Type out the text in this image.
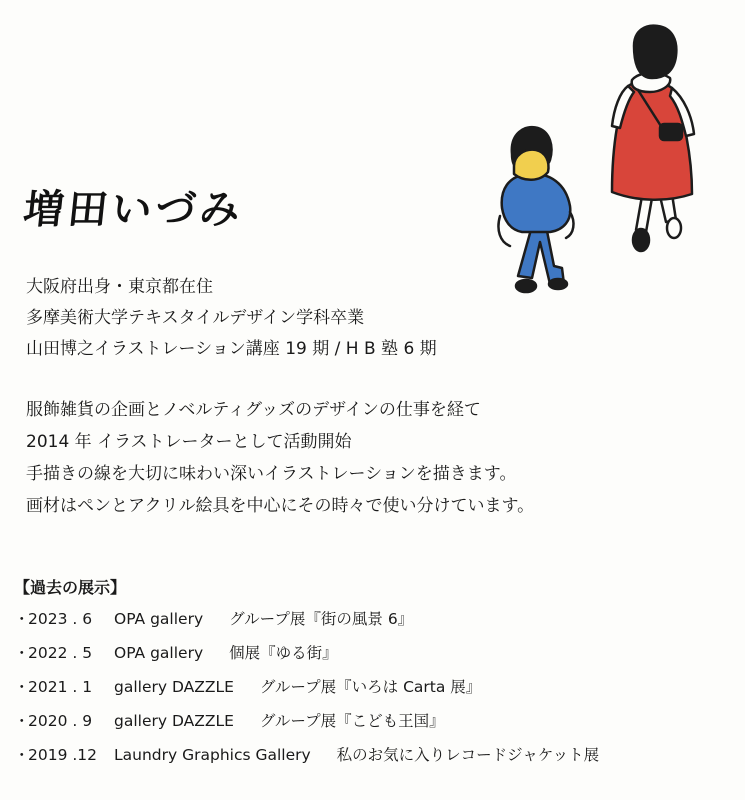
増田いづみ
大阪府出身・東京都在住
多摩美術大学テキスタイルデザイン学科卒業
山田博之イラストレーション講座 19 期 / H B 塾 6 期
服飾雑貨の企画とノベルティグッズのデザインの仕事を経て
2014 年 イラストレーターとして活動開始
手描きの線を大切に味わい深いイラストレーションを描きます。
画材はペンとアクリル絵具を中心にその時々で使い分けています。
【過去の展示】
・
2023 . 6	OPA gallery グループ展『街の風景 6』
・
2022 . 5	OPA gallery 個展『ゆる街』
・
2021 . 1	gallery DAZZLE グループ展『いろは Carta 展』
・
2020 . 9	gallery DAZZLE グループ展『こども王国』
・
2019 .12	Laundry Graphics Gallery 私のお気に入りレコードジャケット展
